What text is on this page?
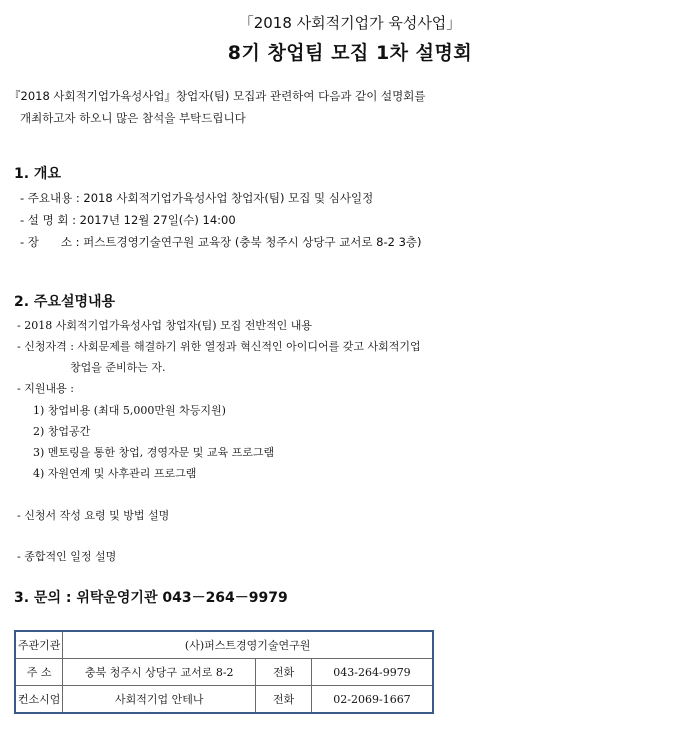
「2018 사회적기업가 육성사업」
8기 창업팀 모집 1차 설명회
『2018 사회적기업가육성사업』창업자(팀) 모집과 관련하여 다음과 같이 설명회를
개최하고자 하오니 많은 참석을 부탁드립니다
1. 개요
- 주요내용 : 2018 사회적기업가육성사업 창업자(팀) 모집 및 심사일정
- 설 명 회 : 2017년 12월 27일(수) 14:00
- 장      소 : 퍼스트경영기술연구원 교육장 (충북 청주시 상당구 교서로 8-2 3층)
2. 주요설명내용
- 2018 사회적기업가육성사업 창업자(팀) 모집 전반적인 내용
- 신청자격 : 사회문제를 해결하기 위한 열정과 혁신적인 아이디어를 갖고 사회적기업
창업을 준비하는 자.
- 지원내용 :
1) 창업비용 (최대 5,000만원 차등지원)
2) 창업공간
3) 멘토링을 통한 창업, 경영자문 및 교육 프로그램
4) 자원연계 및 사후관리 프로그램
- 신청서 작성 요령 및 방법 설명
- 종합적인 일정 설명
3. 문의 : 위탁운영기관 043－264－9979
주관기관	(사)퍼스트경영기술연구원		
주 소	충북 청주시 상당구 교서로 8-2	전화	043-264-9979
컨소시엄	사회적기업 안테나	전화	02-2069-1667
